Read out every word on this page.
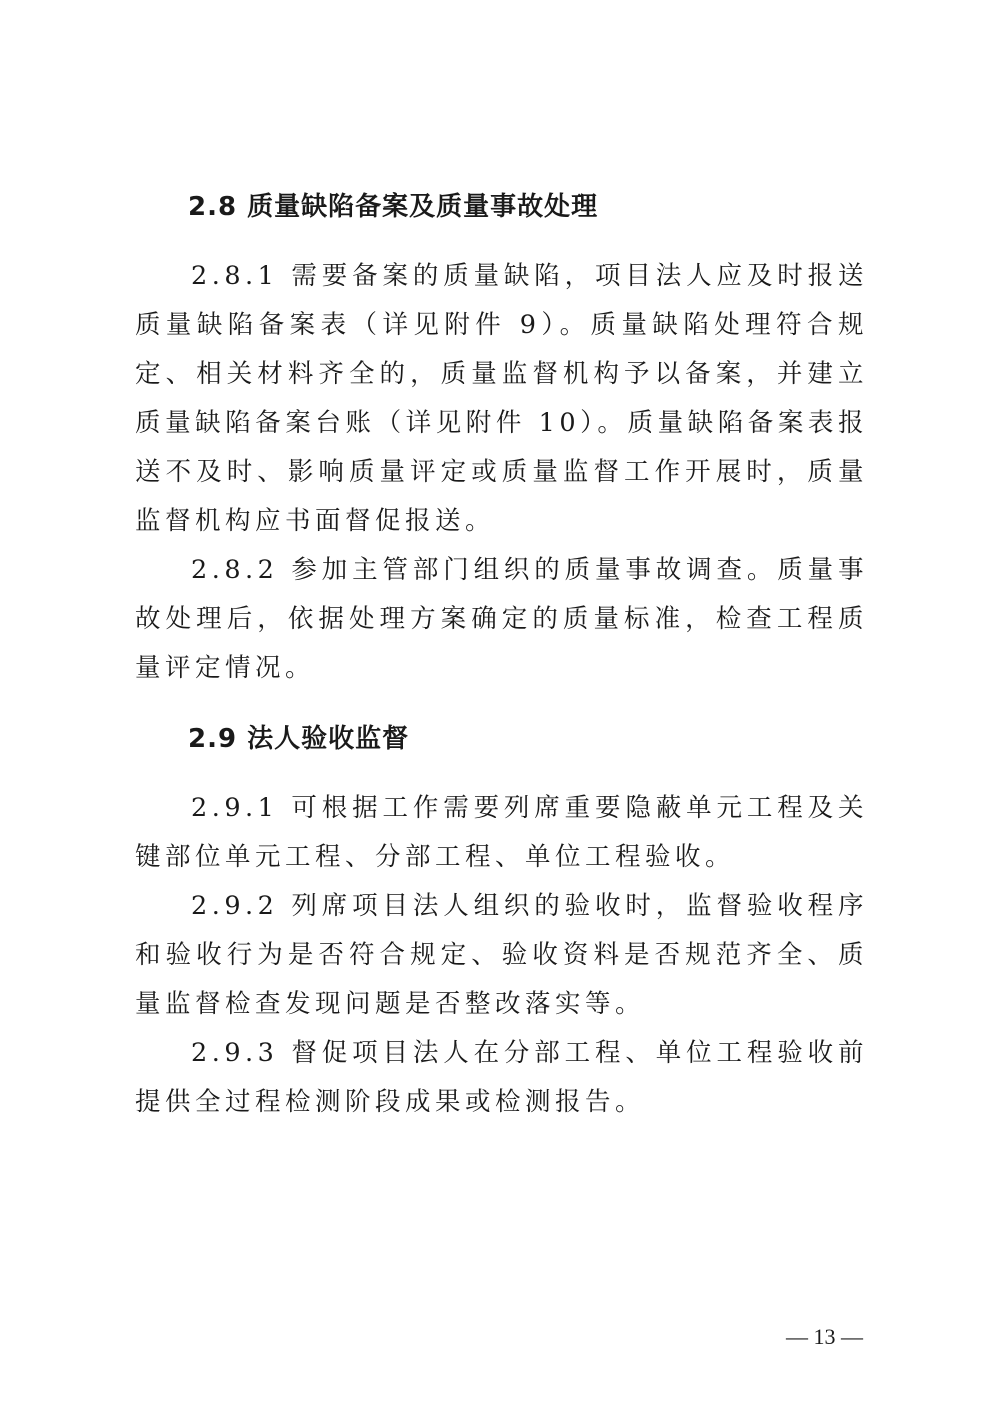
2.8 质量缺陷备案及质量事故处理

2.8.1 需要备案的质量缺陷，项目法人应及时报送质量缺陷备案表（详见附件 9）。质量缺陷处理符合规定、相关材料齐全的，质量监督机构予以备案，并建立质量缺陷备案台账（详见附件 10）。质量缺陷备案表报送不及时、影响质量评定或质量监督工作开展时，质量监督机构应书面督促报送。

2.8.2 参加主管部门组织的质量事故调查。质量事故处理后，依据处理方案确定的质量标准，检查工程质量评定情况。

2.9 法人验收监督

2.9.1 可根据工作需要列席重要隐蔽单元工程及关键部位单元工程、分部工程、单位工程验收。

2.9.2 列席项目法人组织的验收时，监督验收程序和验收行为是否符合规定、验收资料是否规范齐全、质量监督检查发现问题是否整改落实等。

2.9.3 督促项目法人在分部工程、单位工程验收前提供全过程检测阶段成果或检测报告。

— 13 —
